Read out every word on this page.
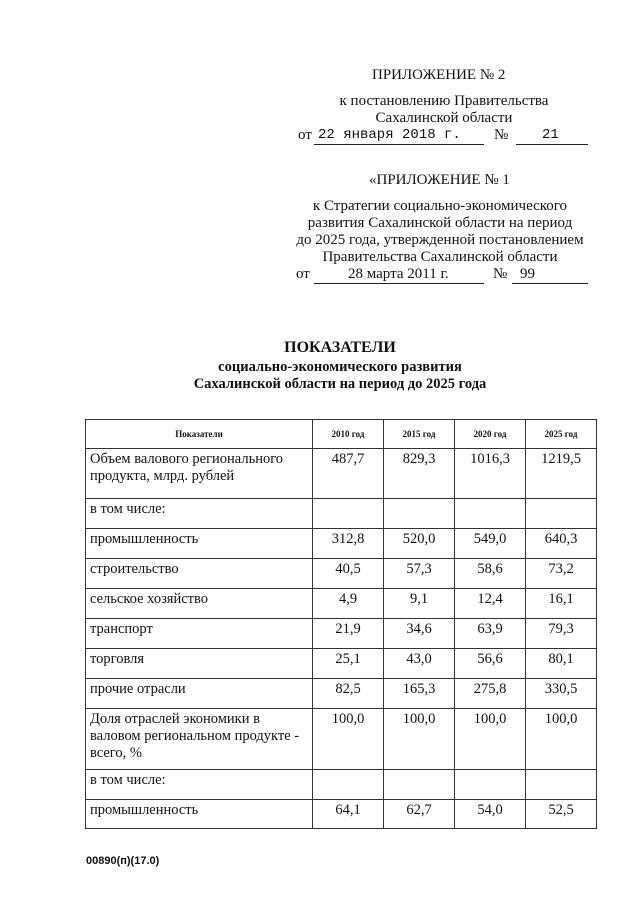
ПРИЛОЖЕНИЕ № 2
к постановлению Правительства
Сахалинской области
от 22 января 2018 г. № 21
«ПРИЛОЖЕНИЕ № 1
к Стратегии социально-экономического
развития Сахалинской области на период
до 2025 года, утвержденной постановлением
Правительства Сахалинской области
от	28 марта 2011 г.	№ 99
ПОКАЗАТЕЛИ
социально-экономического развития
Сахалинской области на период до 2025 года
Показатели	2010 год	2015 год	2020 год	2025 год
Объем валового регионального продукта, млрд. рублей	487,7	829,3	1016,3	1219,5
в том числе:				
промышленность	312,8	520,0	549,0	640,3
строительство	40,5	57,3	58,6	73,2
сельское хозяйство	4,9	9,1	12,4	16,1
транспорт	21,9	34,6	63,9	79,3
торговля	25,1	43,0	56,6	80,1
прочие отрасли	82,5	165,3	275,8	330,5
Доля отраслей экономики в валовом региональном продукте - всего, %	100,0	100,0	100,0	100,0
в том числе:				
промышленность	64,1	62,7	54,0	52,5
00890(п)(17.0)
